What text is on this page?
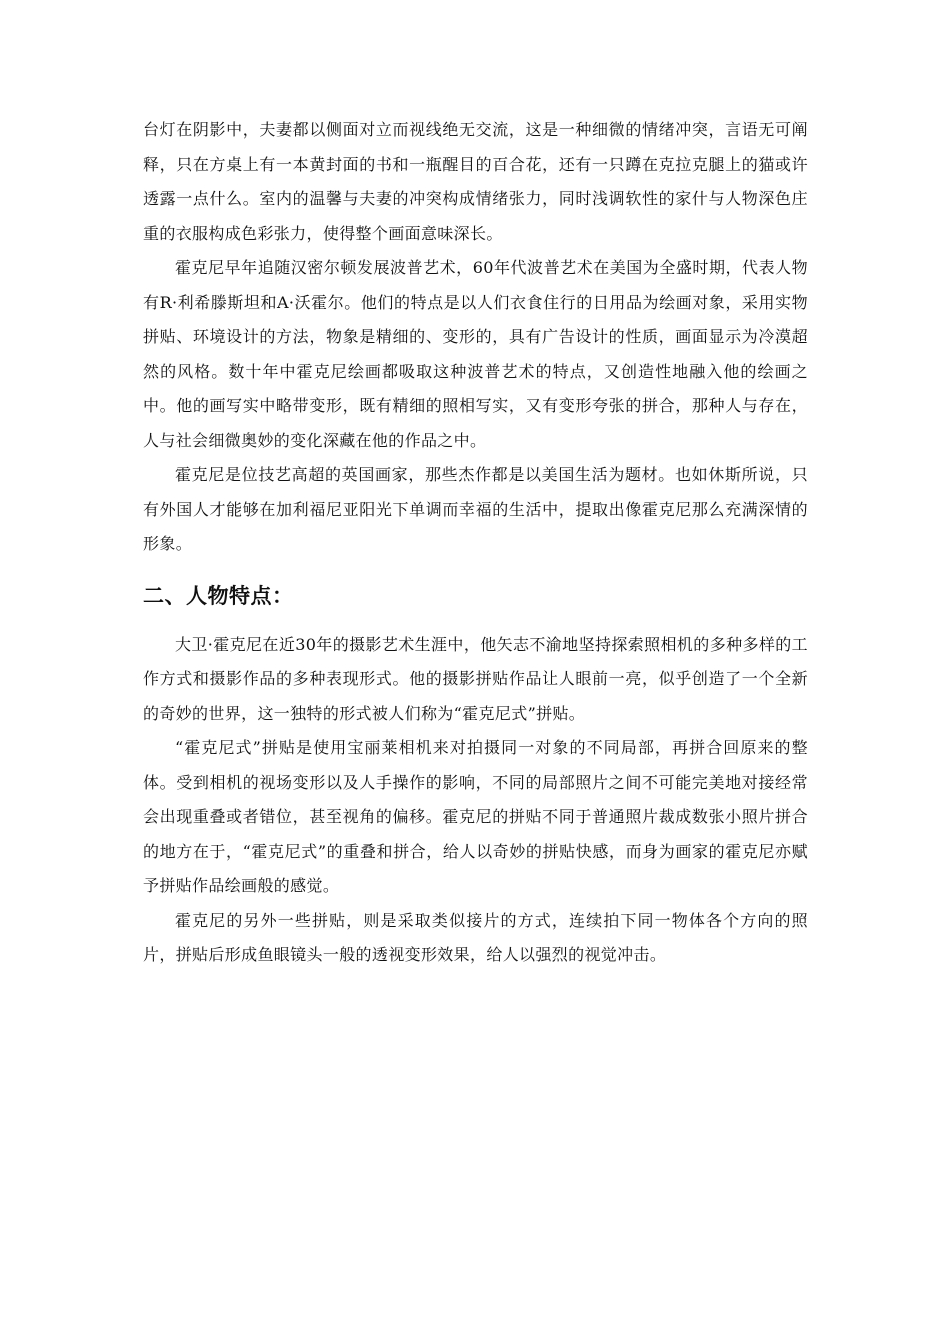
台灯在阴影中，夫妻都以侧面对立而视线绝无交流，这是一种细微的情绪冲突，言语无可阐释，只在方桌上有一本黄封面的书和一瓶醒目的百合花，还有一只蹲在克拉克腿上的猫或许透露一点什么。室内的温馨与夫妻的冲突构成情绪张力，同时浅调软性的家什与人物深色庄重的衣服构成色彩张力，使得整个画面意味深长。

霍克尼早年追随汉密尔顿发展波普艺术，60年代波普艺术在美国为全盛时期，代表人物有R·利希滕斯坦和A·沃霍尔。他们的特点是以人们衣食住行的日用品为绘画对象，采用实物拼贴、环境设计的方法，物象是精细的、变形的，具有广告设计的性质，画面显示为冷漠超然的风格。数十年中霍克尼绘画都吸取这种波普艺术的特点，又创造性地融入他的绘画之中。他的画写实中略带变形，既有精细的照相写实，又有变形夸张的拼合，那种人与存在，人与社会细微奥妙的变化深藏在他的作品之中。

霍克尼是位技艺高超的英国画家，那些杰作都是以美国生活为题材。也如休斯所说，只有外国人才能够在加利福尼亚阳光下单调而幸福的生活中，提取出像霍克尼那么充满深情的形象。

二、人物特点：

大卫·霍克尼在近30年的摄影艺术生涯中，他矢志不渝地坚持探索照相机的多种多样的工作方式和摄影作品的多种表现形式。他的摄影拼贴作品让人眼前一亮，似乎创造了一个全新的奇妙的世界，这一独特的形式被人们称为“霍克尼式”拼贴。

“霍克尼式”拼贴是使用宝丽莱相机来对拍摄同一对象的不同局部，再拼合回原来的整体。受到相机的视场变形以及人手操作的影响，不同的局部照片之间不可能完美地对接经常会出现重叠或者错位，甚至视角的偏移。霍克尼的拼贴不同于普通照片裁成数张小照片拼合的地方在于，“霍克尼式”的重叠和拼合，给人以奇妙的拼贴快感，而身为画家的霍克尼亦赋予拼贴作品绘画般的感觉。

霍克尼的另外一些拼贴，则是采取类似接片的方式，连续拍下同一物体各个方向的照片，拼贴后形成鱼眼镜头一般的透视变形效果，给人以强烈的视觉冲击。
